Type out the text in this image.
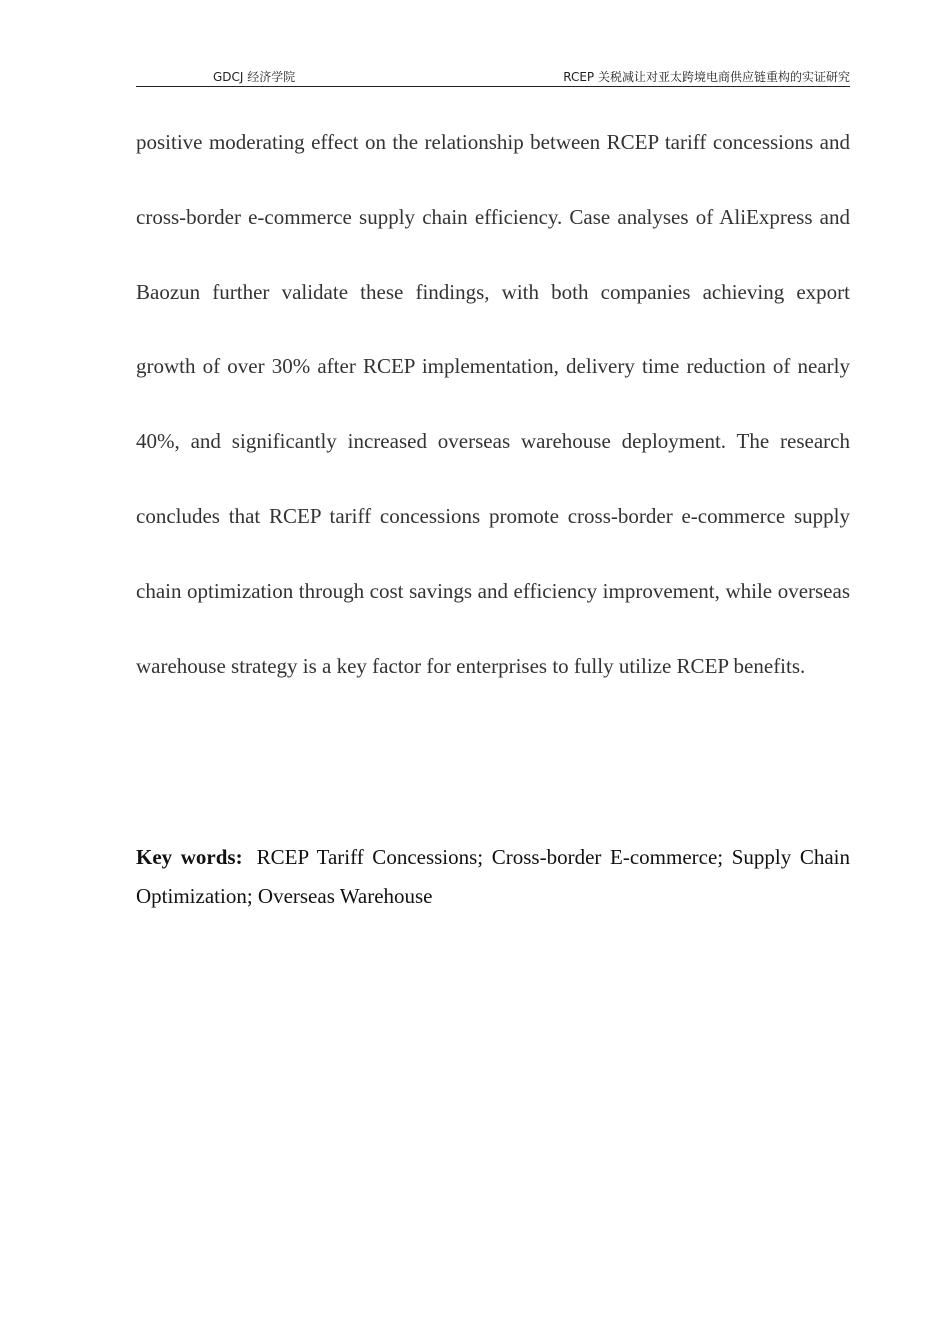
GDCJ 经济学院	RCEP 关税减让对亚太跨境电商供应链重构的实证研究

positive moderating effect on the relationship between RCEP tariff concessions and cross-border e-commerce supply chain efficiency. Case analyses of AliExpress and Baozun further validate these findings, with both companies achieving export growth of over 30% after RCEP implementation, delivery time reduction of nearly 40%, and significantly increased overseas warehouse deployment. The research concludes that RCEP tariff concessions promote cross-border e-commerce supply chain optimization through cost savings and efficiency improvement, while overseas warehouse strategy is a key factor for enterprises to fully utilize RCEP benefits.

Key words: RCEP Tariff Concessions; Cross-border E-commerce; Supply Chain Optimization; Overseas Warehouse
